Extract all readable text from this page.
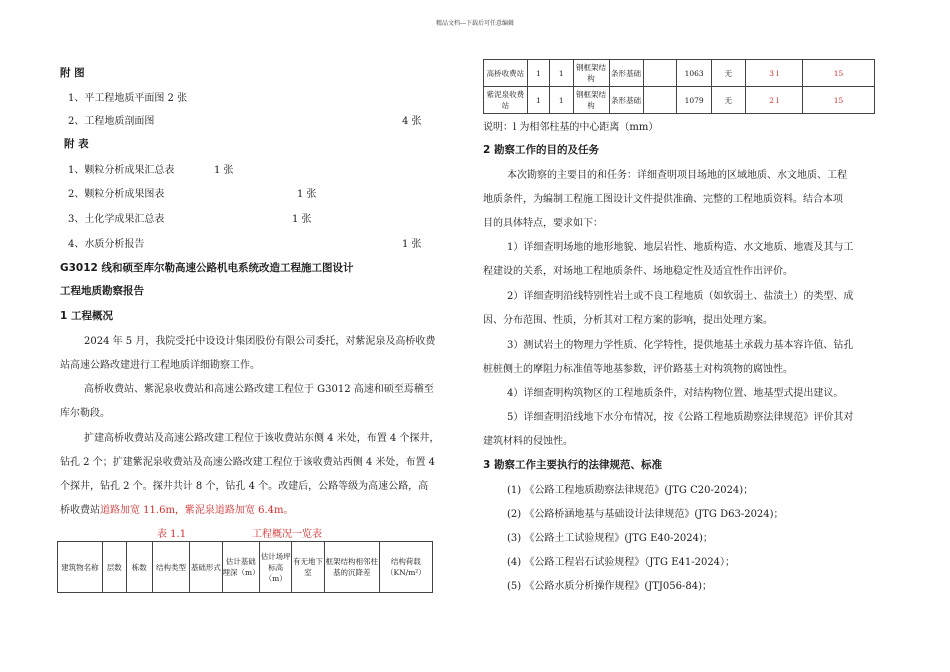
精品文档---下载后可任意编辑
附 图
1、平工程地质平面图 2 张
2、工程地质剖面图	4 张
附 表
1、颗粒分析成果汇总表	1 张
2、颗粒分析成果图表	1 张
3、土化学成果汇总表	1 张
4、水质分析报告	1 张
G3012 线和硕至库尔勒高速公路机电系统改造工程施工图设计
工程地质勘察报告
1 工程概况
2024 年 5 月，我院受托中设设计集团股份有限公司委托，对紫泥泉及高桥收费
站高速公路改建进行工程地质详细勘察工作。
高桥收费站、紫泥泉收费站和高速公路改建工程位于 G3012 高速和硕至焉稽至
库尔勒段。
扩建高桥收费站及高速公路改建工程位于该收费站东侧 4 米处，布置 4 个探井，
钻孔 2 个；扩建紫泥泉收费站及高速公路改建工程位于该收费站西侧 4 米处，布置 4
个探井，钻孔 2 个。探井共计 8 个，钻孔 4 个。改建后，公路等级为高速公路，高
桥收费站道路加宽 11.6m，紫泥泉道路加宽 6.4m。
表 1.1	工程概况一览表
建筑物名称	层数	栋数	结构类型	基础形式	估计基础埋深（m）	估计场坪标高（m）	有无地下室	框架结构相邻柱基的沉降差	结构荷载（KN/m²）
高桥收费站	1	1	钢框架结构	条形基础		1063	无	3 l	15
紫泥泉收费站	1	1	钢框架结构	条形基础		1079	无	2 l	15
说明：l 为相邻柱基的中心距离（mm）
2 勘察工作的目的及任务
本次勘察的主要目的和任务：详细查明项目场地的区域地质、水文地质、工程
地质条件，为编制工程施工图设计文件提供准确、完整的工程地质资料。结合本项
目的具体特点，要求如下：
1）详细查明场地的地形地貌、地层岩性、地质构造、水文地质、地震及其与工
程建设的关系，对场地工程地质条件、场地稳定性及适宜性作出评价。
2）详细查明沿线特别性岩土或不良工程地质（如软弱土、盐渍土）的类型、成
因、分布范围、性质，分析其对工程方案的影响，提出处理方案。
3）测试岩土的物理力学性质、化学特性，提供地基土承载力基本容许值、钻孔
桩桩侧土的摩阻力标准值等地基参数，评价路基土对构筑物的腐蚀性。
4）详细查明构筑物区的工程地质条件，对结构物位置、地基型式提出建议。
5）详细查明沿线地下水分布情况，按《公路工程地质勘察法律规范》评价其对
建筑材料的侵蚀性。
3 勘察工作主要执行的法律规范、标准
(1) 《公路工程地质勘察法律规范》(JTG C20-2024)；
(2) 《公路桥涵地基与基础设计法律规范》(JTG D63-2024)；
(3) 《公路土工试验规程》(JTG E40-2024)；
(4) 《公路工程岩石试验规程》（JTG E41-2024）；
(5) 《公路水质分析操作规程》(JTJ056-84)；
